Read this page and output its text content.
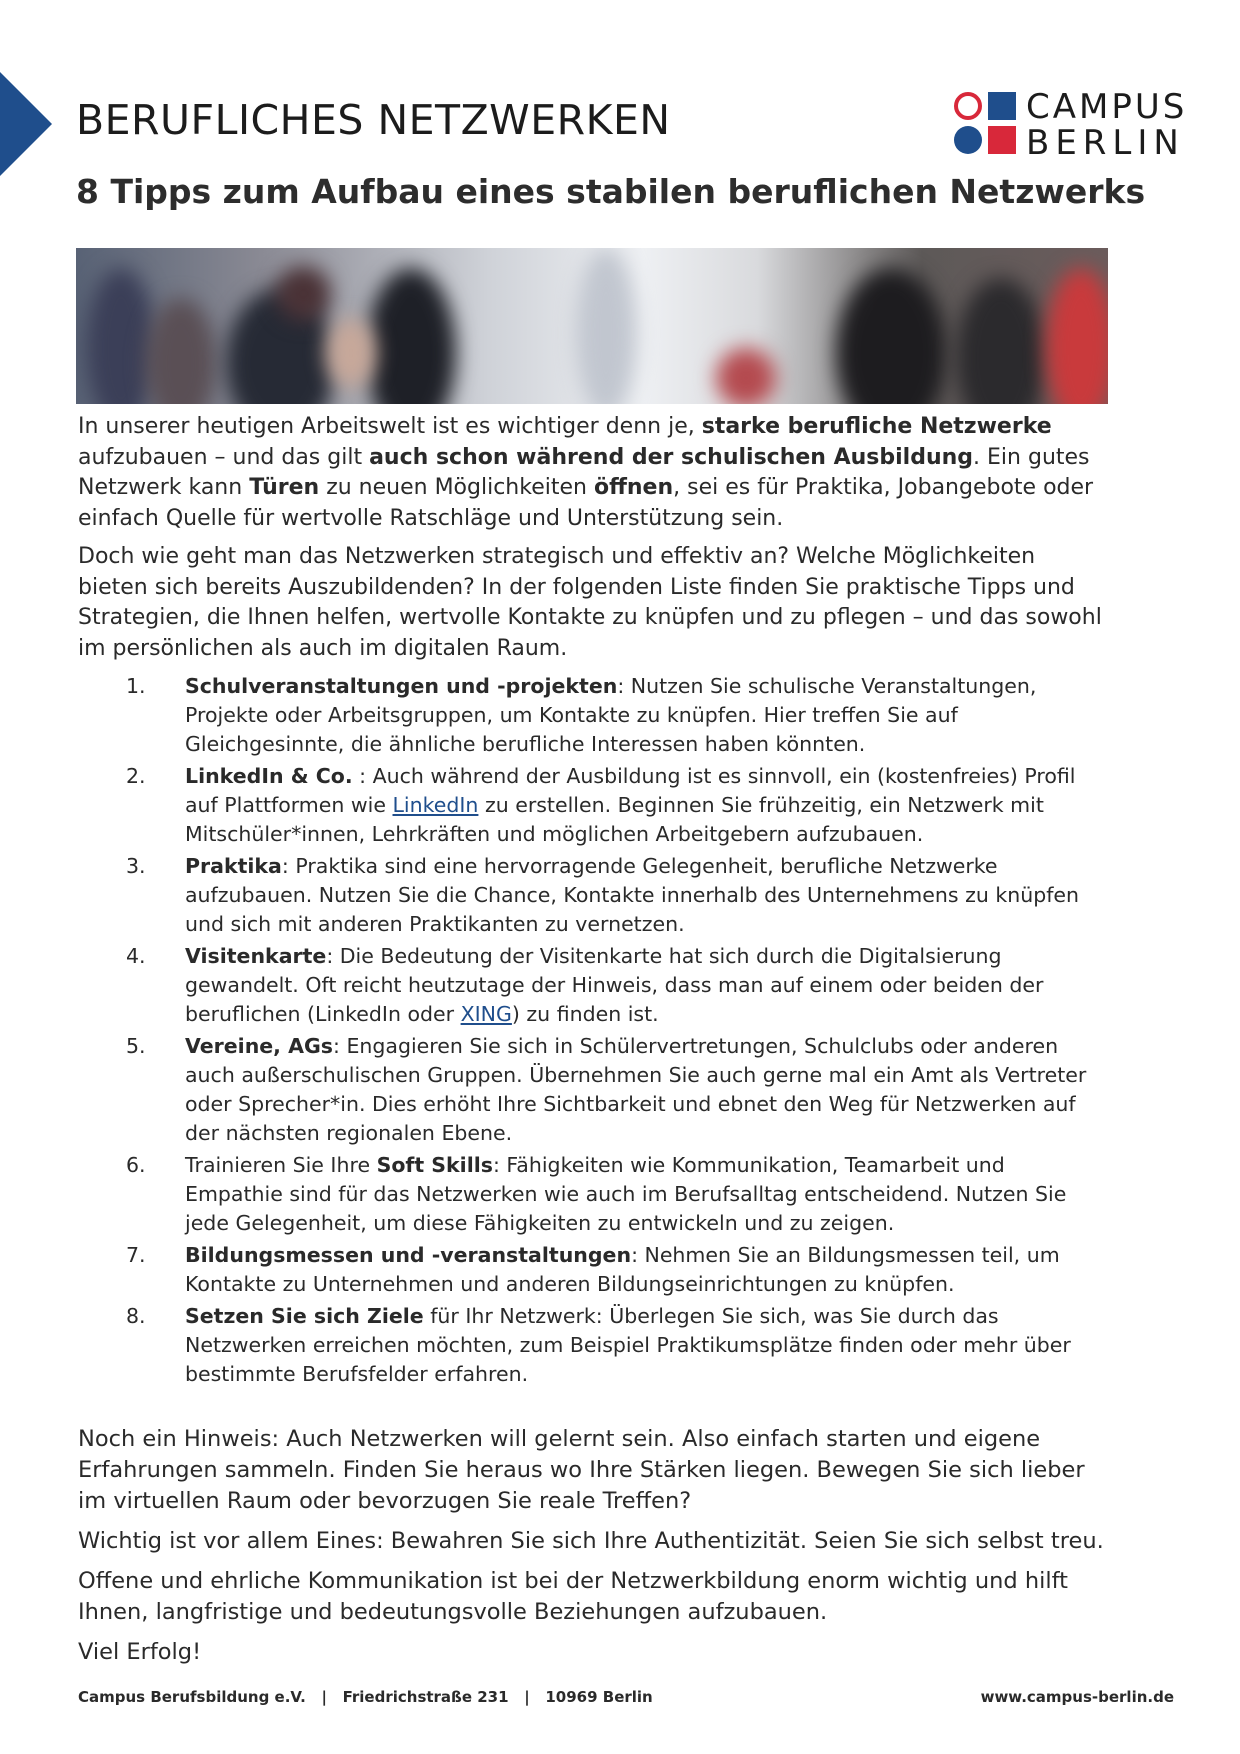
BERUFLICHES NETZWERKEN	CAMPUS
BERLIN
8 Tipps zum Aufbau eines stabilen beruflichen Netzwerks

In unserer heutigen Arbeitswelt ist es wichtiger denn je, starke berufliche Netzwerke aufzubauen – und das gilt auch schon während der schulischen Ausbildung. Ein gutes Netzwerk kann Türen zu neuen Möglichkeiten öffnen, sei es für Praktika, Jobangebote oder einfach Quelle für wertvolle Ratschläge und Unterstützung sein.

Doch wie geht man das Netzwerken strategisch und effektiv an? Welche Möglichkeiten bieten sich bereits Auszubildenden? In der folgenden Liste finden Sie praktische Tipps und Strategien, die Ihnen helfen, wertvolle Kontakte zu knüpfen und zu pflegen – und das sowohl im persönlichen als auch im digitalen Raum.

1. Schulveranstaltungen und -projekten: Nutzen Sie schulische Veranstaltungen, Projekte oder Arbeitsgruppen, um Kontakte zu knüpfen. Hier treffen Sie auf Gleichgesinnte, die ähnliche berufliche Interessen haben könnten.
2. LinkedIn & Co. : Auch während der Ausbildung ist es sinnvoll, ein (kostenfreies) Profil auf Plattformen wie LinkedIn zu erstellen. Beginnen Sie frühzeitig, ein Netzwerk mit Mitschüler*innen, Lehrkräften und möglichen Arbeitgebern aufzubauen.
3. Praktika: Praktika sind eine hervorragende Gelegenheit, berufliche Netzwerke aufzubauen. Nutzen Sie die Chance, Kontakte innerhalb des Unternehmens zu knüpfen und sich mit anderen Praktikanten zu vernetzen.
4. Visitenkarte: Die Bedeutung der Visitenkarte hat sich durch die Digitalsierung gewandelt. Oft reicht heutzutage der Hinweis, dass man auf einem oder beiden der beruflichen (LinkedIn oder XING) zu finden ist.
5. Vereine, AGs: Engagieren Sie sich in Schülervertretungen, Schulclubs oder anderen auch außerschulischen Gruppen. Übernehmen Sie auch gerne mal ein Amt als Vertreter oder Sprecher*in. Dies erhöht Ihre Sichtbarkeit und ebnet den Weg für Netzwerken auf der nächsten regionalen Ebene.
6. Trainieren Sie Ihre Soft Skills: Fähigkeiten wie Kommunikation, Teamarbeit und Empathie sind für das Netzwerken wie auch im Berufsalltag entscheidend. Nutzen Sie jede Gelegenheit, um diese Fähigkeiten zu entwickeln und zu zeigen.
7. Bildungsmessen und -veranstaltungen: Nehmen Sie an Bildungsmessen teil, um Kontakte zu Unternehmen und anderen Bildungseinrichtungen zu knüpfen.
8. Setzen Sie sich Ziele für Ihr Netzwerk: Überlegen Sie sich, was Sie durch das Netzwerken erreichen möchten, zum Beispiel Praktikumsplätze finden oder mehr über bestimmte Berufsfelder erfahren.

Noch ein Hinweis: Auch Netzwerken will gelernt sein. Also einfach starten und eigene Erfahrungen sammeln. Finden Sie heraus wo Ihre Stärken liegen. Bewegen Sie sich lieber im virtuellen Raum oder bevorzugen Sie reale Treffen?

Wichtig ist vor allem Eines: Bewahren Sie sich Ihre Authentizität. Seien Sie sich selbst treu.

Offene und ehrliche Kommunikation ist bei der Netzwerkbildung enorm wichtig und hilft Ihnen, langfristige und bedeutungsvolle Beziehungen aufzubauen.

Viel Erfolg!

Campus Berufsbildung e.V.   |   Friedrichstraße 231   |   10969 Berlin	www.campus-berlin.de
